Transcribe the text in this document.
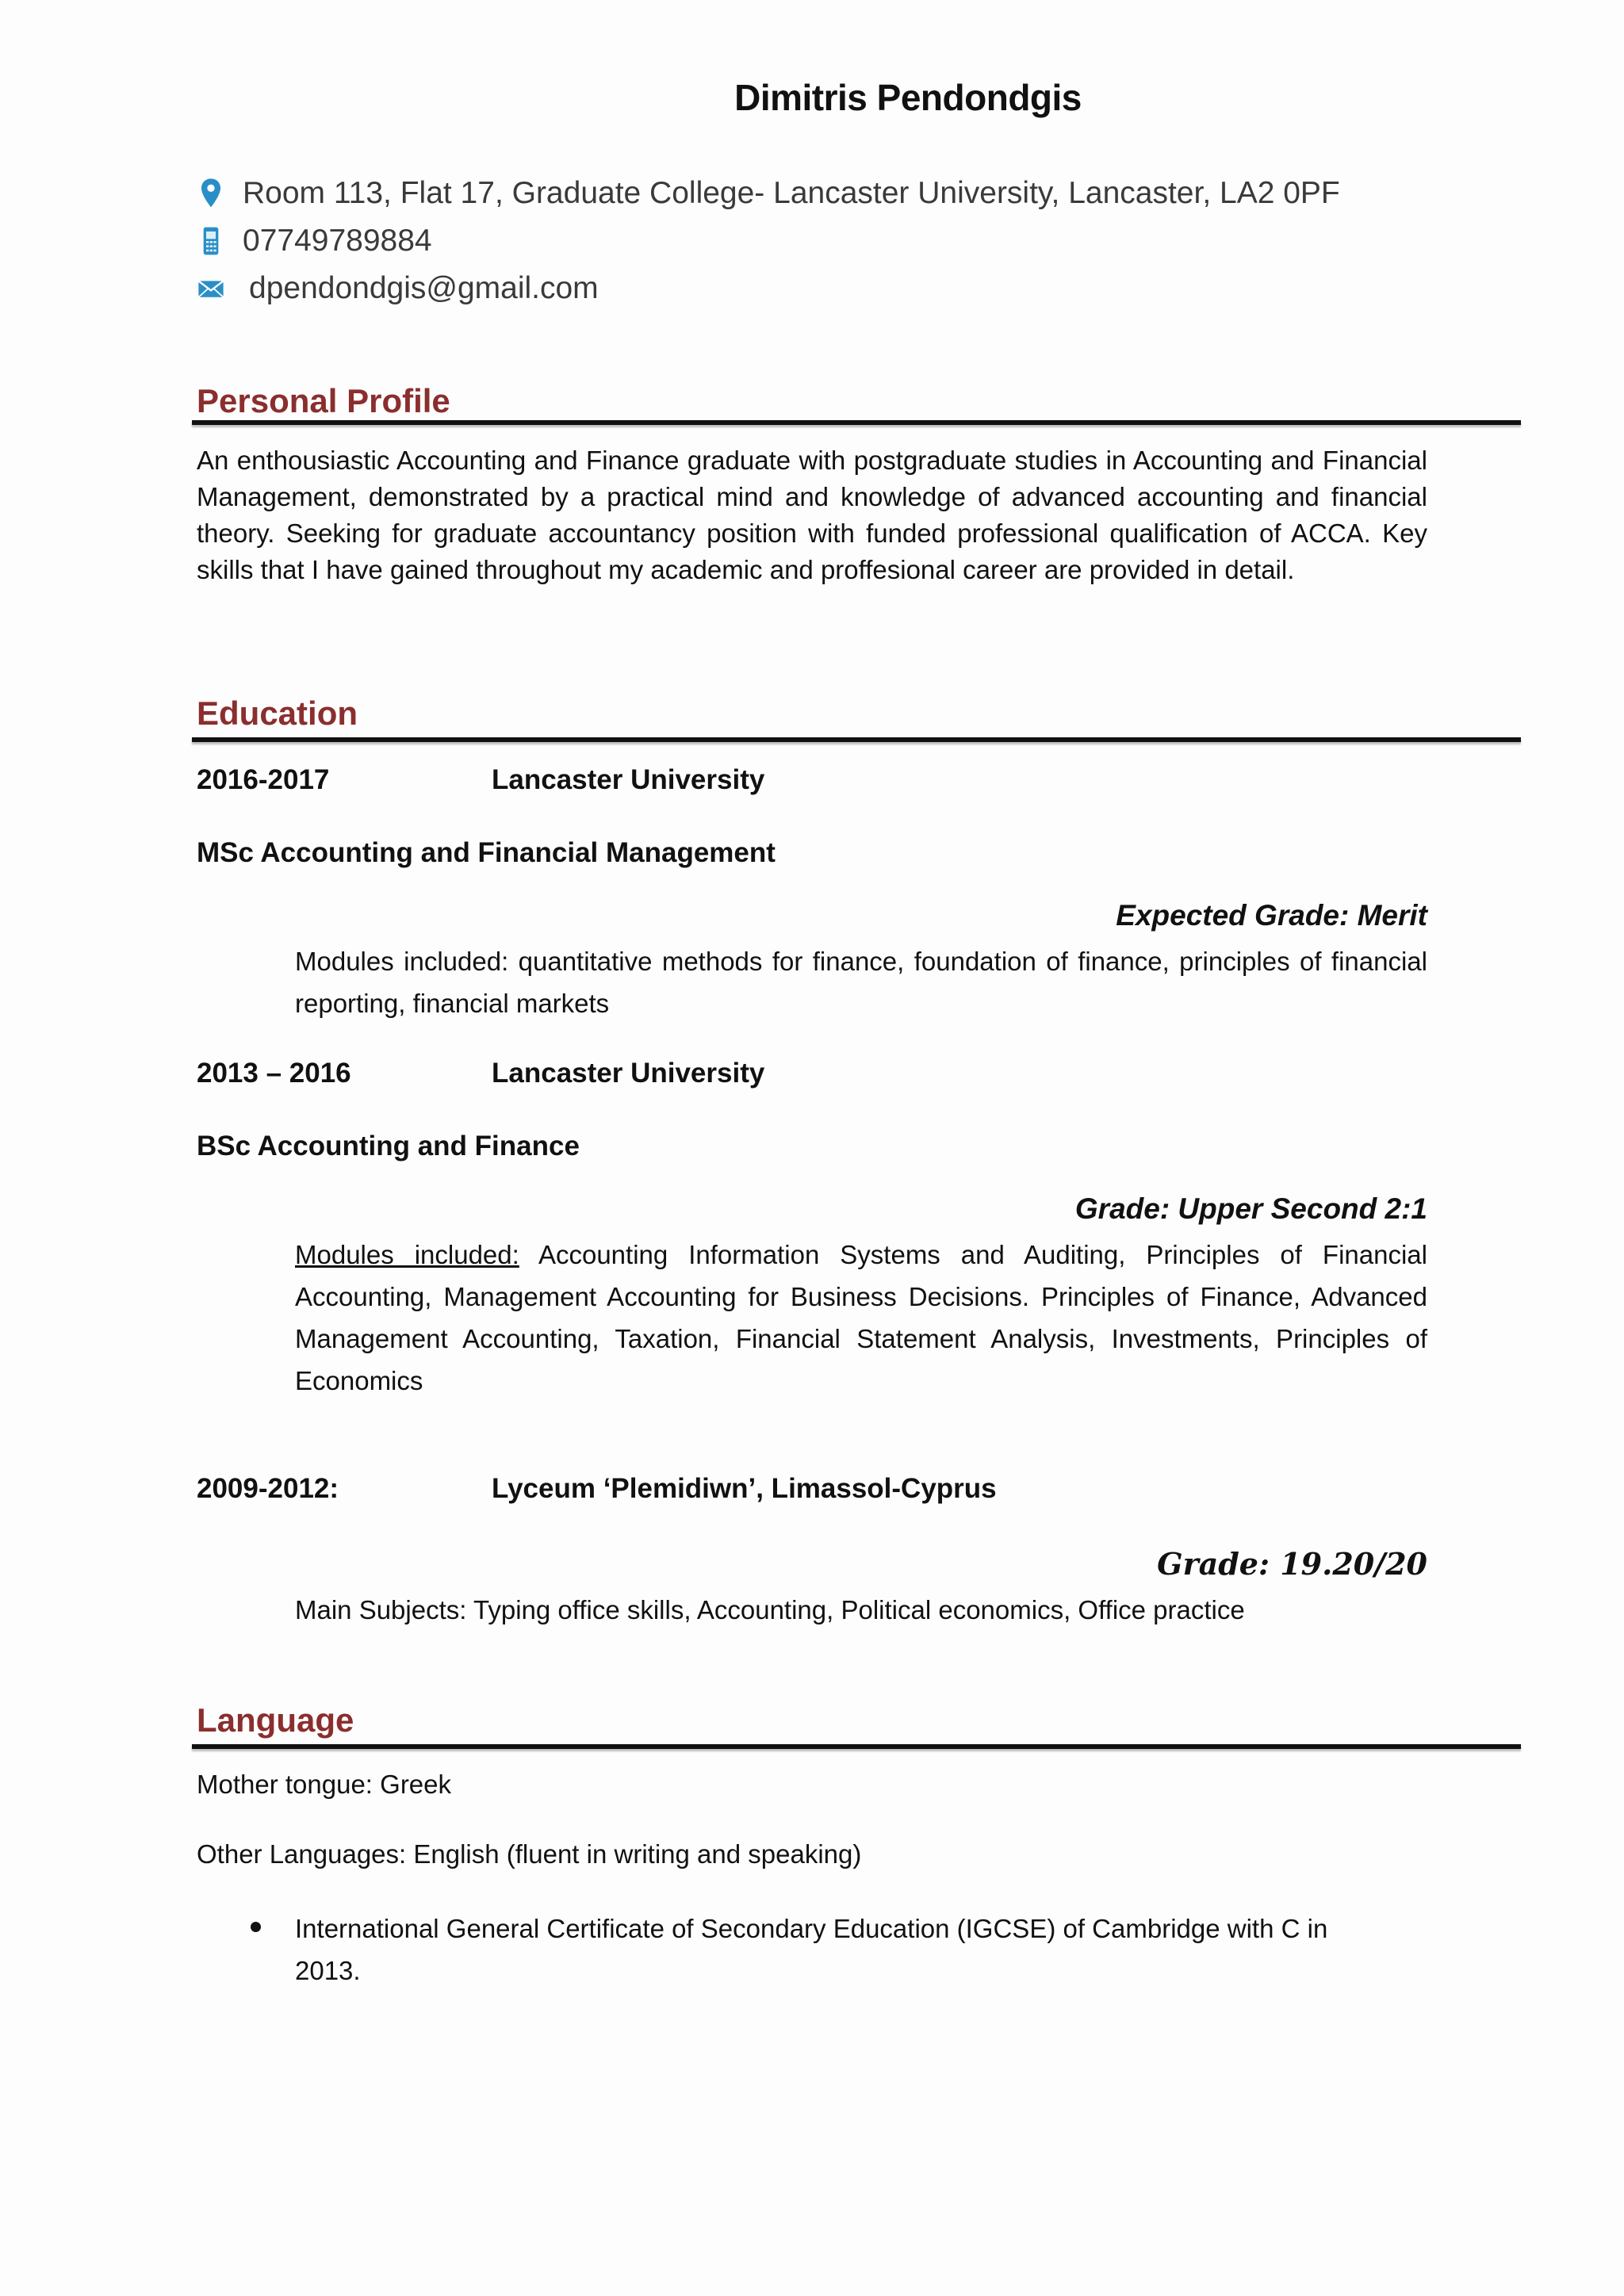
Dimitris Pendondgis
Room 113, Flat 17, Graduate College- Lancaster University, Lancaster, LA2 0PF
07749789884
dpendondgis@gmail.com
Personal Profile
An enthousiastic Accounting and Finance graduate with postgraduate studies in Accounting and Financial Management, demonstrated by a practical mind and knowledge of advanced accounting and financial theory. Seeking for graduate accountancy position with funded professional qualification of ACCA. Key skills that I have gained throughout my academic and proffesional career are provided in detail.
Education
2016-2017	Lancaster University
MSc Accounting and Financial Management
Expected Grade: Merit
Modules included: quantitative methods for finance, foundation of finance, principles of financial reporting, financial markets
2013 – 2016	Lancaster University
BSc Accounting and Finance
Grade: Upper Second 2:1
Modules included: Accounting Information Systems and Auditing, Principles of Financial Accounting, Management Accounting for Business Decisions. Principles of Finance, Advanced Management Accounting, Taxation, Financial Statement Analysis, Investments, Principles of Economics
2009-2012:	Lyceum ‘Plemidiwn’, Limassol-Cyprus
Grade: 19.20/20
Main Subjects: Typing office skills, Accounting, Political economics, Office practice
Language
Mother tongue: Greek
Other Languages: English (fluent in writing and speaking)
International General Certificate of Secondary Education (IGCSE) of Cambridge with C in 2013.
